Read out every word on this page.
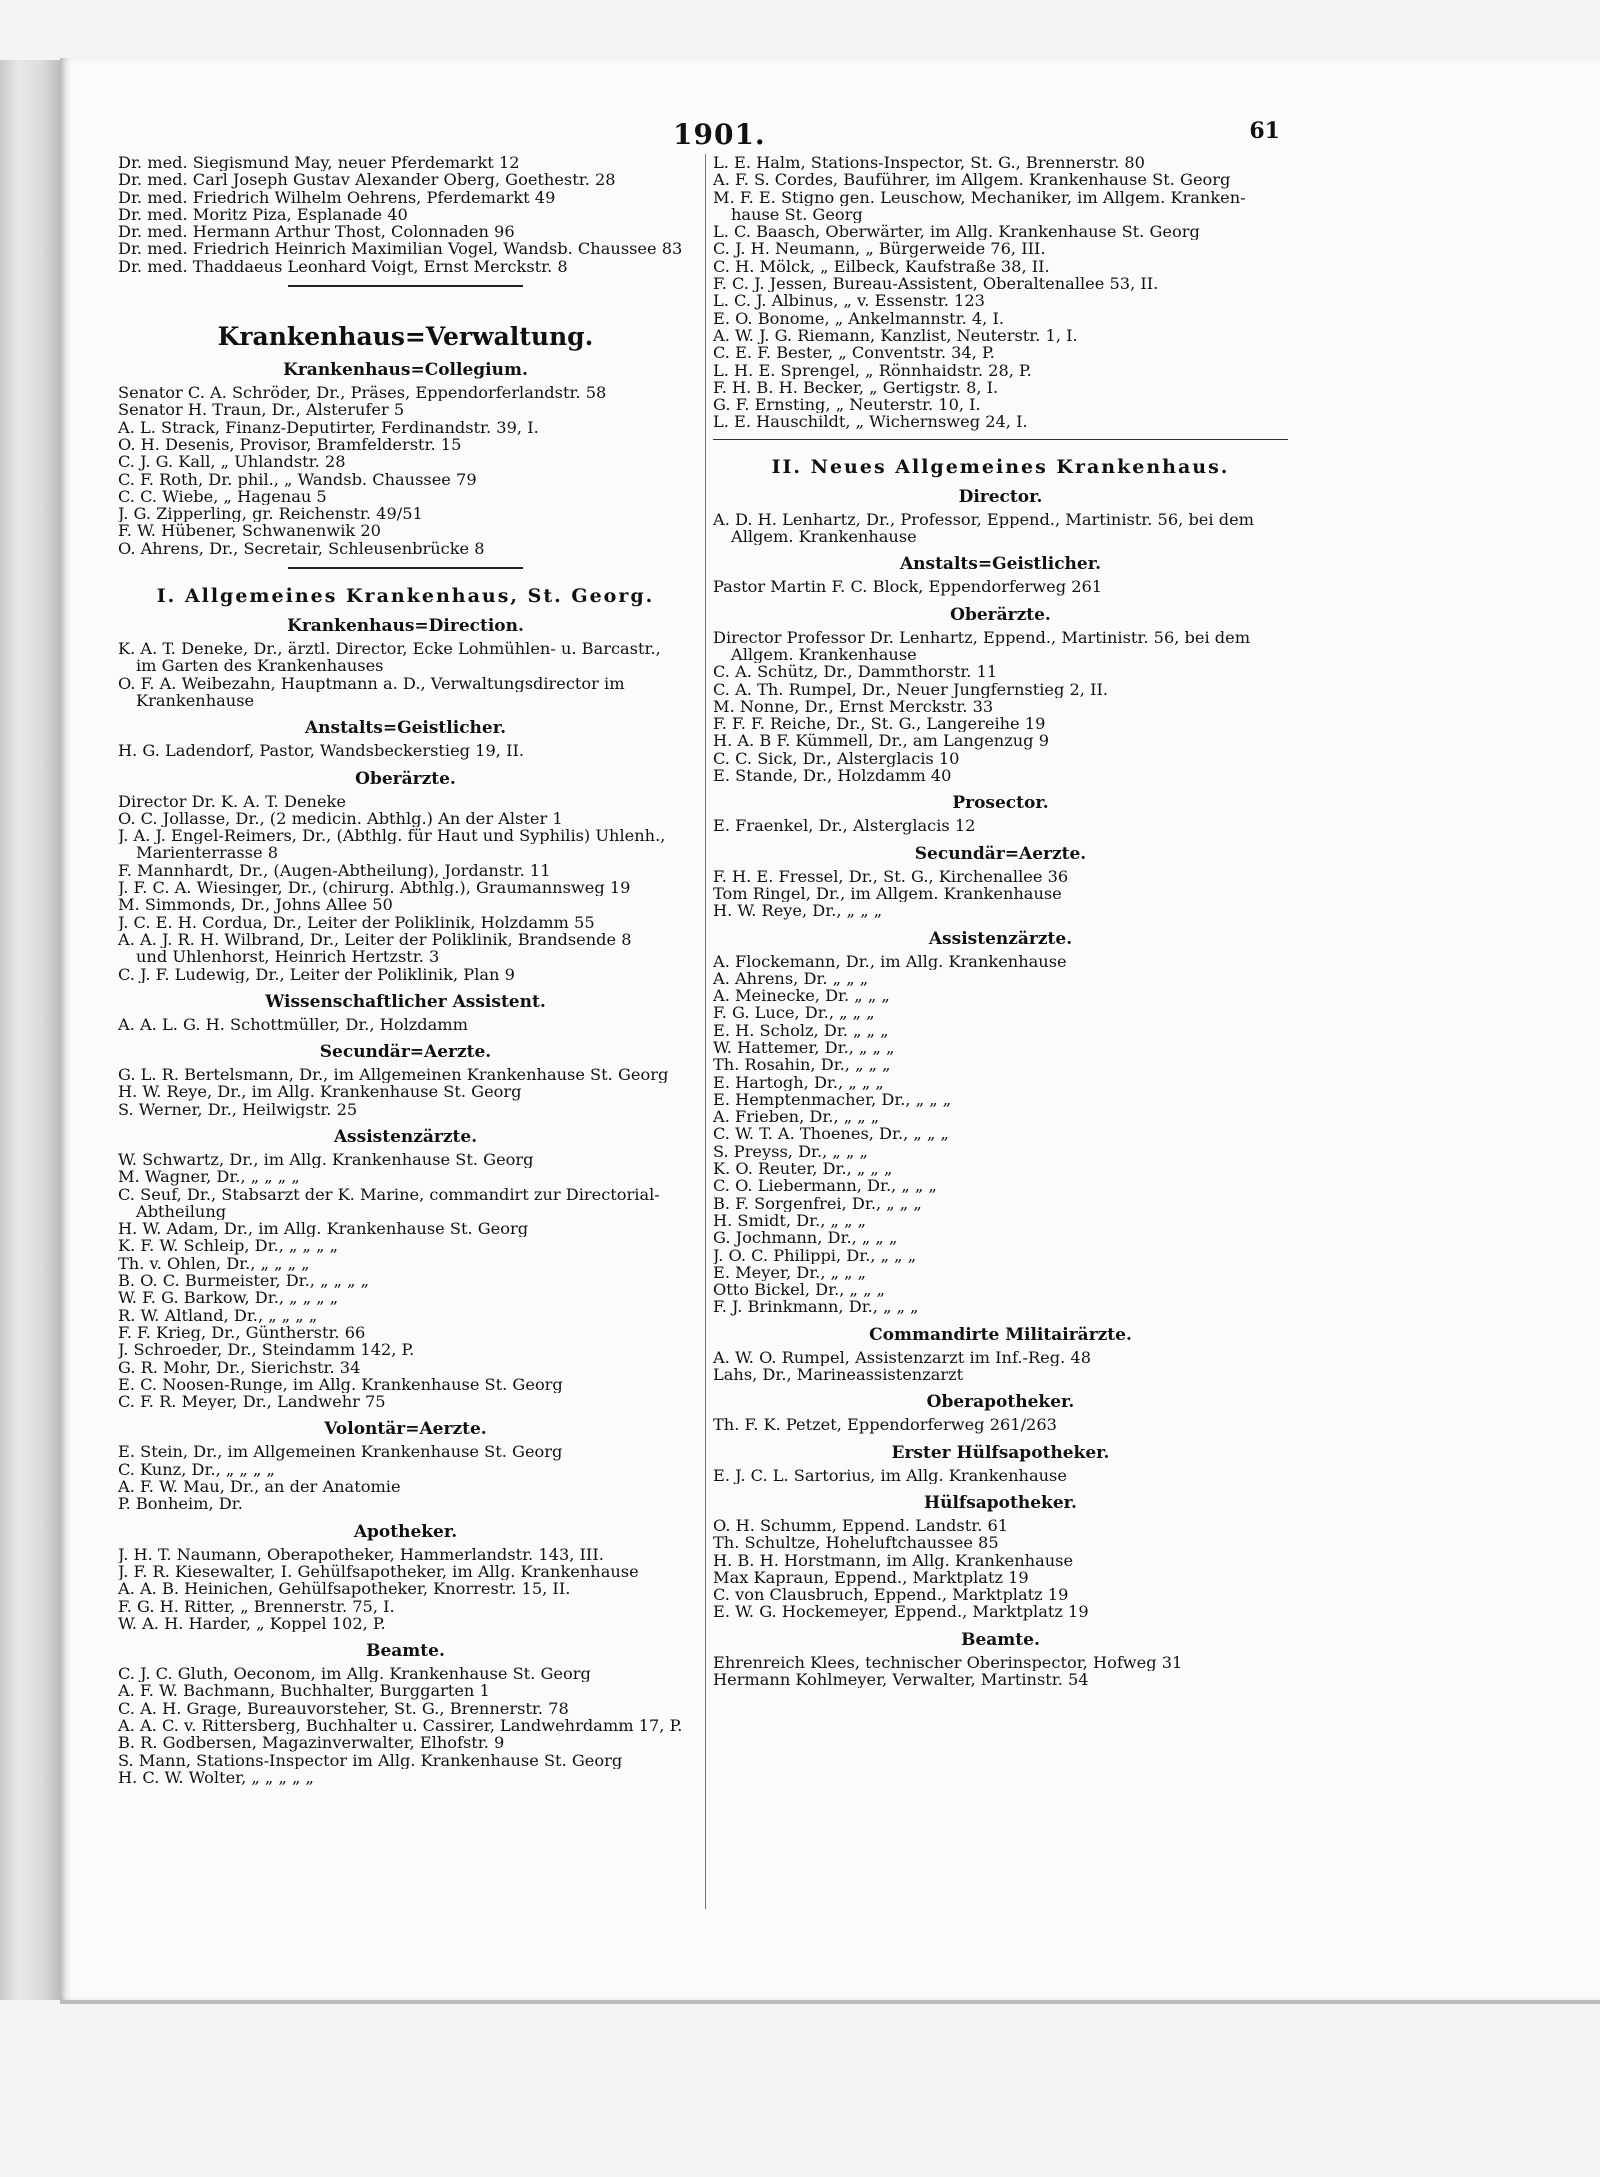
1901.	61
Dr. med. Siegismund May, neuer Pferdemarkt 12
Dr. med. Carl Joseph Gustav Alexander Oberg, Goethestr. 28
Dr. med. Friedrich Wilhelm Oehrens, Pferdemarkt 49
Dr. med. Moritz Piza, Esplanade 40
Dr. med. Hermann Arthur Thost, Colonnaden 96
Dr. med. Friedrich Heinrich Maximilian Vogel, Wandsb. Chaussee 83
Dr. med. Thaddaeus Leonhard Voigt, Ernst Merckstr. 8
Krankenhaus=Verwaltung.
Krankenhaus=Collegium.
Senator C. A. Schröder, Dr., Präses, Eppendorferlandstr. 58
Senator H. Traun, Dr., Alsterufer 5
A. L. Strack, Finanz-Deputirter, Ferdinandstr. 39, I.
O. H. Desenis, Provisor, Bramfelderstr. 15
C. J. G. Kall, „ Uhlandstr. 28
C. F. Roth, Dr. phil., „ Wandsb. Chaussee 79
C. C. Wiebe, „ Hagenau 5
J. G. Zipperling, gr. Reichenstr. 49/51
F. W. Hübener, Schwanenwik 20
O. Ahrens, Dr., Secretair, Schleusenbrücke 8
I. Allgemeines Krankenhaus, St. Georg.
Krankenhaus=Direction.
K. A. T. Deneke, Dr., ärztl. Director, Ecke Lohmühlen- u. Barcastr.,
im Garten des Krankenhauses
O. F. A. Weibezahn, Hauptmann a. D., Verwaltungsdirector im
Krankenhause
Anstalts=Geistlicher.
H. G. Ladendorf, Pastor, Wandsbeckerstieg 19, II.
Oberärzte.
Director Dr. K. A. T. Deneke
O. C. Jollasse, Dr., (2 medicin. Abthlg.) An der Alster 1
J. A. J. Engel-Reimers, Dr., (Abthlg. für Haut und Syphilis) Uhlenh.,
Marienterrasse 8
F. Mannhardt, Dr., (Augen-Abtheilung), Jordanstr. 11
J. F. C. A. Wiesinger, Dr., (chirurg. Abthlg.), Graumannsweg 19
M. Simmonds, Dr., Johns Allee 50
J. C. E. H. Cordua, Dr., Leiter der Poliklinik, Holzdamm 55
A. A. J. R. H. Wilbrand, Dr., Leiter der Poliklinik, Brandsende 8
und Uhlenhorst, Heinrich Hertzstr. 3
C. J. F. Ludewig, Dr., Leiter der Poliklinik, Plan 9
Wissenschaftlicher Assistent.
A. A. L. G. H. Schottmüller, Dr., Holzdamm
Secundär=Aerzte.
G. L. R. Bertelsmann, Dr., im Allgemeinen Krankenhause St. Georg
H. W. Reye, Dr., im Allg. Krankenhause St. Georg
S. Werner, Dr., Heilwigstr. 25
Assistenzärzte.
W. Schwartz, Dr., im Allg. Krankenhause St. Georg
M. Wagner, Dr., „ „ „ „
C. Seuf, Dr., Stabsarzt der K. Marine, commandirt zur Directorial-
Abtheilung
H. W. Adam, Dr., im Allg. Krankenhause St. Georg
K. F. W. Schleip, Dr., „ „ „ „
Th. v. Ohlen, Dr., „ „ „ „
B. O. C. Burmeister, Dr., „ „ „ „
W. F. G. Barkow, Dr., „ „ „ „
R. W. Altland, Dr., „ „ „ „
F. F. Krieg, Dr., Güntherstr. 66
J. Schroeder, Dr., Steindamm 142, P.
G. R. Mohr, Dr., Sierichstr. 34
E. C. Noosen-Runge, im Allg. Krankenhause St. Georg
C. F. R. Meyer, Dr., Landwehr 75
Volontär=Aerzte.
E. Stein, Dr., im Allgemeinen Krankenhause St. Georg
C. Kunz, Dr., „ „ „ „
A. F. W. Mau, Dr., an der Anatomie
P. Bonheim, Dr.
Apotheker.
J. H. T. Naumann, Oberapotheker, Hammerlandstr. 143, III.
J. F. R. Kiesewalter, I. Gehülfsapotheker, im Allg. Krankenhause
A. A. B. Heinichen, Gehülfsapotheker, Knorrestr. 15, II.
F. G. H. Ritter, „ Brennerstr. 75, I.
W. A. H. Harder, „ Koppel 102, P.
Beamte.
C. J. C. Gluth, Oeconom, im Allg. Krankenhause St. Georg
A. F. W. Bachmann, Buchhalter, Burggarten 1
C. A. H. Grage, Bureauvorsteher, St. G., Brennerstr. 78
A. A. C. v. Rittersberg, Buchhalter u. Cassirer, Landwehrdamm 17, P.
B. R. Godbersen, Magazinverwalter, Elhofstr. 9
S. Mann, Stations-Inspector im Allg. Krankenhause St. Georg
H. C. W. Wolter, „ „ „ „ „
L. E. Halm, Stations-Inspector, St. G., Brennerstr. 80
A. F. S. Cordes, Bauführer, im Allgem. Krankenhause St. Georg
M. F. E. Stigno gen. Leuschow, Mechaniker, im Allgem. Kranken-
hause St. Georg
L. C. Baasch, Oberwärter, im Allg. Krankenhause St. Georg
C. J. H. Neumann, „ Bürgerweide 76, III.
C. H. Mölck, „ Eilbeck, Kaufstraße 38, II.
F. C. J. Jessen, Bureau-Assistent, Oberaltenallee 53, II.
L. C. J. Albinus, „ v. Essenstr. 123
E. O. Bonome, „ Ankelmannstr. 4, I.
A. W. J. G. Riemann, Kanzlist, Neuterstr. 1, I.
C. E. F. Bester, „ Conventstr. 34, P.
L. H. E. Sprengel, „ Rönnhaidstr. 28, P.
F. H. B. H. Becker, „ Gertigstr. 8, I.
G. F. Ernsting, „ Neuterstr. 10, I.
L. E. Hauschildt, „ Wichernsweg 24, I.
II. Neues Allgemeines Krankenhaus.
Director.
A. D. H. Lenhartz, Dr., Professor, Eppend., Martinistr. 56, bei dem
Allgem. Krankenhause
Anstalts=Geistlicher.
Pastor Martin F. C. Block, Eppendorferweg 261
Oberärzte.
Director Professor Dr. Lenhartz, Eppend., Martinistr. 56, bei dem
Allgem. Krankenhause
C. A. Schütz, Dr., Dammthorstr. 11
C. A. Th. Rumpel, Dr., Neuer Jungfernstieg 2, II.
M. Nonne, Dr., Ernst Merckstr. 33
F. F. F. Reiche, Dr., St. G., Langereihe 19
H. A. B F. Kümmell, Dr., am Langenzug 9
C. C. Sick, Dr., Alsterglacis 10
E. Stande, Dr., Holzdamm 40
Prosector.
E. Fraenkel, Dr., Alsterglacis 12
Secundär=Aerzte.
F. H. E. Fressel, Dr., St. G., Kirchenallee 36
Tom Ringel, Dr., im Allgem. Krankenhause
H. W. Reye, Dr., „ „ „
Assistenzärzte.
A. Flockemann, Dr., im Allg. Krankenhause
A. Ahrens, Dr. „ „ „
A. Meinecke, Dr. „ „ „
F. G. Luce, Dr., „ „ „
E. H. Scholz, Dr. „ „ „
W. Hattemer, Dr., „ „ „
Th. Rosahin, Dr., „ „ „
E. Hartogh, Dr., „ „ „
E. Hemptenmacher, Dr., „ „ „
A. Frieben, Dr., „ „ „
C. W. T. A. Thoenes, Dr., „ „ „
S. Preyss, Dr., „ „ „
K. O. Reuter, Dr., „ „ „
C. O. Liebermann, Dr., „ „ „
B. F. Sorgenfrei, Dr., „ „ „
H. Smidt, Dr., „ „ „
G. Jochmann, Dr., „ „ „
J. O. C. Philippi, Dr., „ „ „
E. Meyer, Dr., „ „ „
Otto Bickel, Dr., „ „ „
F. J. Brinkmann, Dr., „ „ „
Commandirte Militairärzte.
A. W. O. Rumpel, Assistenzarzt im Inf.-Reg. 48
Lahs, Dr., Marineassistenzarzt
Oberapotheker.
Th. F. K. Petzet, Eppendorferweg 261/263
Erster Hülfsapotheker.
E. J. C. L. Sartorius, im Allg. Krankenhause
Hülfsapotheker.
O. H. Schumm, Eppend. Landstr. 61
Th. Schultze, Hoheluftchaussee 85
H. B. H. Horstmann, im Allg. Krankenhause
Max Kapraun, Eppend., Marktplatz 19
C. von Clausbruch, Eppend., Marktplatz 19
E. W. G. Hockemeyer, Eppend., Marktplatz 19
Beamte.
Ehrenreich Klees, technischer Oberinspector, Hofweg 31
Hermann Kohlmeyer, Verwalter, Martinstr. 54
